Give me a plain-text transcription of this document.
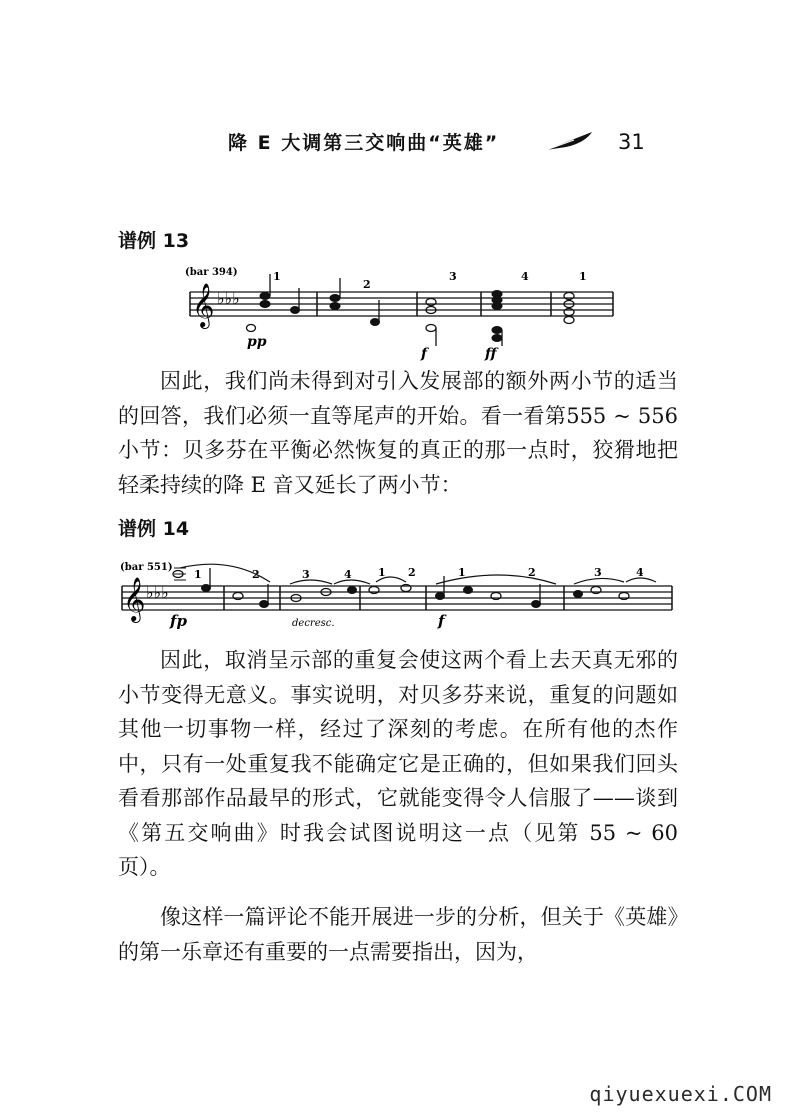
降 E 大调第三交响曲“英雄”	31
谱例 13
(bar 394)
𝄞 ♭♭♭
1
2
3	4	1
pp
f	ff

因此，我们尚未得到对引入发展部的额外两小节的适当的回答，我们必须一直等尾声的开始。看一看第555 ~ 556 小节：贝多芬在平衡必然恢复的真正的那一点时，狡猾地把轻柔持续的降 E 音又延长了两小节：

谱例 14
(bar 551)
𝄞 ♭♭♭
1	2	3	4 1 2	1	2	3	4
fp	decresc.	f

因此，取消呈示部的重复会使这两个看上去天真无邪的小节变得无意义。事实说明，对贝多芬来说，重复的问题如其他一切事物一样，经过了深刻的考虑。在所有他的杰作中，只有一处重复我不能确定它是正确的，但如果我们回头看看那部作品最早的形式，它就能变得令人信服了——谈到《第五交响曲》时我会试图说明这一点（见第 55 ~ 60 页）。

像这样一篇评论不能开展进一步的分析，但关于《英雄》的第一乐章还有重要的一点需要指出，因为，

qiyuexuexi.COM
